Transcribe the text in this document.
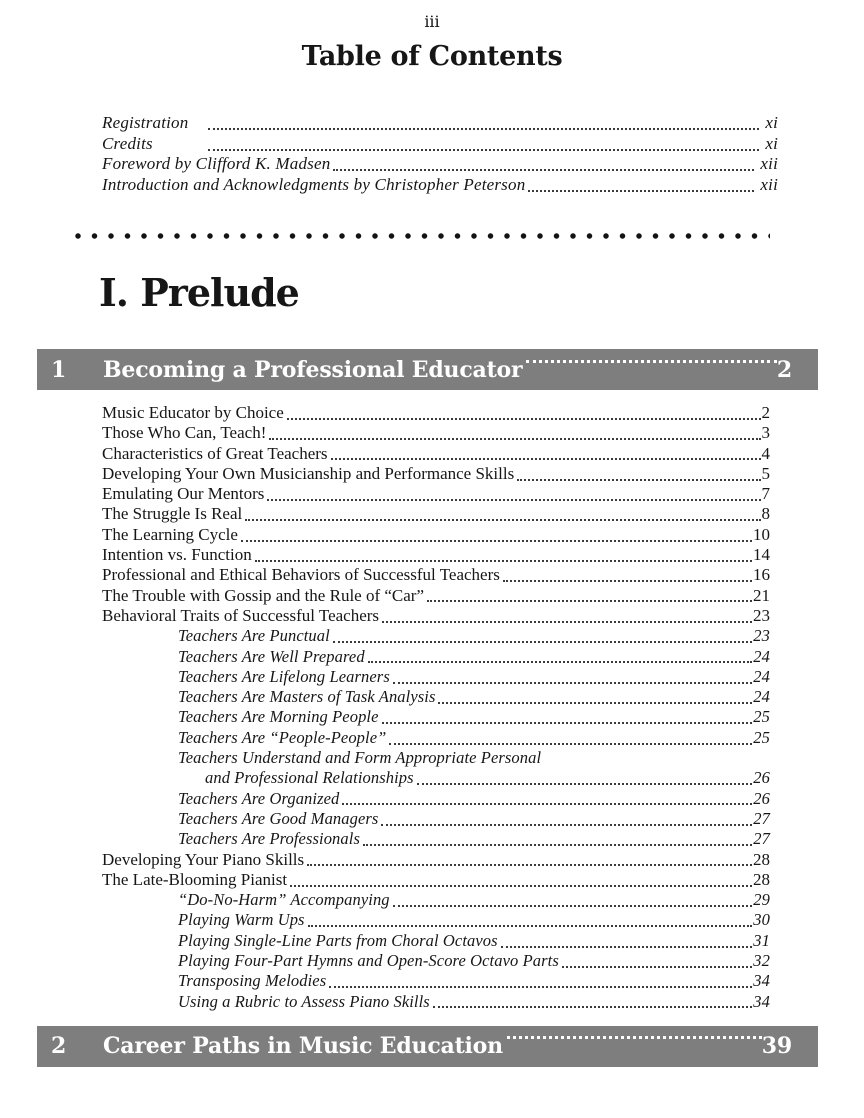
iii
Table of Contents
Registration	xi
Credits	xi
Foreword by Clifford K. Madsen	xii
Introduction and Acknowledgments by Christopher Peterson	xii
I. Prelude
1	Becoming a Professional Educator	2
Music Educator by Choice	2
Those Who Can, Teach!	3
Characteristics of Great Teachers	4
Developing Your Own Musicianship and Performance Skills	5
Emulating Our Mentors	7
The Struggle Is Real	8
The Learning Cycle	10
Intention vs. Function	14
Professional and Ethical Behaviors of Successful Teachers	16
The Trouble with Gossip and the Rule of “Car”	21
Behavioral Traits of Successful Teachers	23
Teachers Are Punctual	23
Teachers Are Well Prepared	24
Teachers Are Lifelong Learners	24
Teachers Are Masters of Task Analysis	24
Teachers Are Morning People	25
Teachers Are “People-People”	25
Teachers Understand and Form Appropriate Personal
and Professional Relationships	26
Teachers Are Organized	26
Teachers Are Good Managers	27
Teachers Are Professionals	27
Developing Your Piano Skills	28
The Late-Blooming Pianist	28
“Do-No-Harm” Accompanying	29
Playing Warm Ups	30
Playing Single-Line Parts from Choral Octavos	31
Playing Four-Part Hymns and Open-Score Octavo Parts	32
Transposing Melodies	34
Using a Rubric to Assess Piano Skills	34
2	Career Paths in Music Education	39
